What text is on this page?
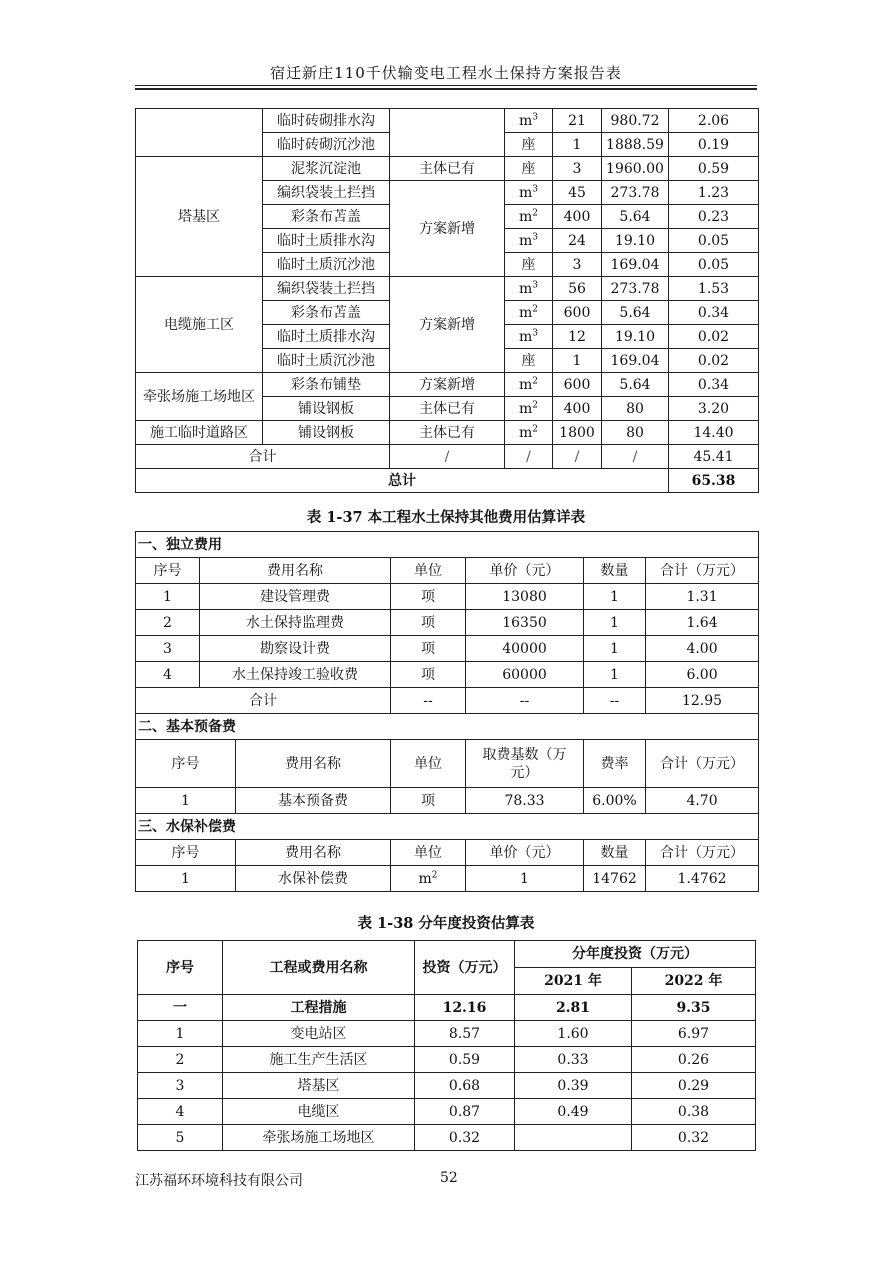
宿迁新庄110千伏输变电工程水土保持方案报告表
	临时砖砌排水沟		$m^3$	21	980.72	2.06
	临时砖砌沉沙池		座	1	1888.59	0.19
塔基区	泥浆沉淀池	主体已有	座	3	1960.00	0.59
	编织袋装土拦挡	方案新增	$m^3$	45	273.78	1.23
	彩条布苫盖		$m^2$	400	5.64	0.23
	临时土质排水沟		$m^3$	24	19.10	0.05
	临时土质沉沙池		座	3	169.04	0.05
电缆施工区	编织袋装土拦挡	方案新增	$m^3$	56	273.78	1.53
	彩条布苫盖		$m^2$	600	5.64	0.34
	临时土质排水沟		$m^3$	12	19.10	0.02
	临时土质沉沙池		座	1	169.04	0.02
牵张场施工场地区	彩条布铺垫	方案新增	$m^2$	600	5.64	0.34
	铺设钢板	主体已有	$m^2$	400	80	3.20
施工临时道路区	铺设钢板	主体已有	$m^2$	1800	80	14.40
合计		/	/	/	/	45.41
总计						65.38
表 1-37 本工程水土保持其他费用估算详表
一、独立费用						
序号	费用名称		单位	单价（元）	数量	合计（万元）
1	建设管理费		项	13080	1	1.31
2	水土保持监理费		项	16350	1	1.64
3	勘察设计费		项	40000	1	4.00
4	水土保持竣工验收费		项	60000	1	6.00
合计			--	--	--	12.95
二、基本预备费						
序号		费用名称	单位	取费基数（万元）	费率	合计（万元）
1		基本预备费	项	78.33	6.00%	4.70
三、水保补偿费						
序号		费用名称	单位	单价（元）	数量	合计（万元）
1		水保补偿费	$m^2$	1	14762	1.4762
表 1-38 分年度投资估算表
序号	工程或费用名称	投资（万元）	分年度投资（万元）	
			2021 年	2022 年
一	工程措施	12.16	2.81	9.35
1	变电站区	8.57	1.60	6.97
2	施工生产生活区	0.59	0.33	0.26
3	塔基区	0.68	0.39	0.29
4	电缆区	0.87	0.49	0.38
5	牵张场施工场地区	0.32		0.32
江苏福环环境科技有限公司	52
